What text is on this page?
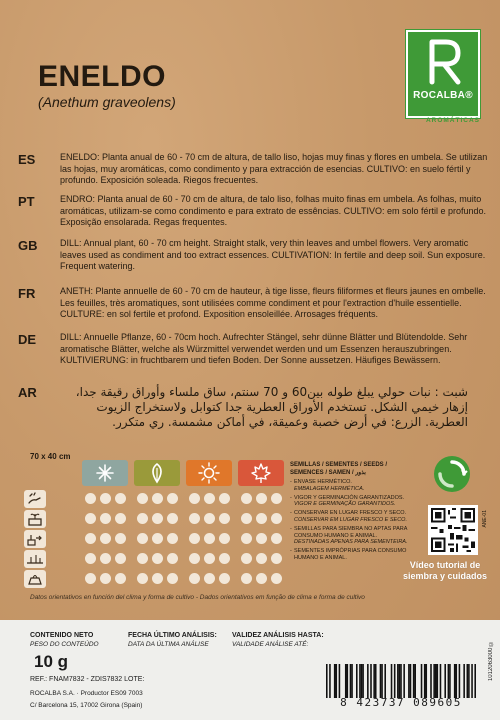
ENELDO
(Anethum graveolens)	ROCALBA®
AROMÁTICAS
ES	ENELDO: Planta anual de 60 - 70 cm de altura, de tallo liso, hojas muy finas y flores en umbela. Se utilizan las hojas, muy aromáticas, como condimento y para extracción de esencias. CULTIVO: en suelo fértil y profundo. Exposición soleada. Riegos frecuentes.
PT	ENDRO: Planta anual de 60 - 70 cm de altura, de talo liso, folhas muito finas em umbela. As folhas, muito aromáticas, utilizam-se como condimento e para extrato de essências. CULTIVO: em solo fértil e profundo. Exposição ensolarada. Regas frequentes.
GB	DILL: Annual plant, 60 - 70 cm height. Straight stalk, very thin leaves and umbel flowers. Very aromatic leaves used as condiment and too extract essences. CULTIVATION: In fertile and deep soil. Sun exposure. Frequent watering.
FR	ANETH: Plante annuelle de 60 - 70 cm de hauteur, à tige lisse, fleurs filiformes et fleurs jaunes en ombelle. Les feuilles, très aromatiques, sont utilisées comme condiment et pour l'extraction d'huile essentielle. CULTURE: en sol fertile et profond. Exposition ensoleillée. Arrosages fréquents.
DE	DILL: Annuelle Pflanze, 60 - 70cm hoch. Aufrechter Stängel, sehr dünne Blätter und Blütendolde. Sehr aromatische Blätter, welche als Würzmittel verwendet werden und um Essenzen herauszubringen. KULTIVIERUNG: in fruchtbarem und tiefen Boden. Der Sonne aussetzen. Häufiges Bewässern.
AR	شبت : نبات حولي يبلغ طوله بين60 و 70 سنتم، ساق ملساء وأوراق رقيقة جدا، إزهار خيمي الشكل. تستخدم الأوراق العطرية جدا كتوابل ولاستخراج الزيوت العطرية. الزرع: في أرض خصبة وعميقة، في أماكن مشمسة. ري متكرر.
70 x 40 cm
SEMILLAS / SEMENTES / SEEDS / SEMENCES / SAMEN / بذور
- ENVASE HERMÉTICO.
EMBALAGEM HERMÉTICA.
- VIGOR Y GERMINACIÓN GARANTIZADOS.
VIGOR E GERMINAÇÃO GARANTIDOS.
- CONSERVAR EN LUGAR FRESCO Y SECO.
CONSERVAR EM LUGAR FRESCO E SECO.
- SEMILLAS PARA SIEMBRA NO APTAS PARA CONSUMO HUMANO E ANIMAL.
DESTINADAS APENAS PARA SEMENTEIRA.
- SEMENTES IMPRÓPRIAS PARA CONSUMO HUMANO E ANIMAL.
ANE-01
Vídeo tutorial de siembra y cuidados
Datos orientativos en función del clima y forma de cultivo - Dados orientativos em função de clima e forma de cultivo
CONTENIDO NETO
PESO DO CONTEÚDO
10 g
FECHA ÚLTIMO ANÁLISIS:
DATA DA ÚLTIMA ANÁLISE
VALIDEZ ANÁLISIS HASTA:
VALIDADE ANÁLISE ATÉ:
REF.: FNAM7832 - ZDIS7832 LOTE:
ROCALBA S.A. · Productor ES09 7003
C/ Barcelona 15, 17002 Girona (Spain)	8 423737 089605
1012063000 ©
